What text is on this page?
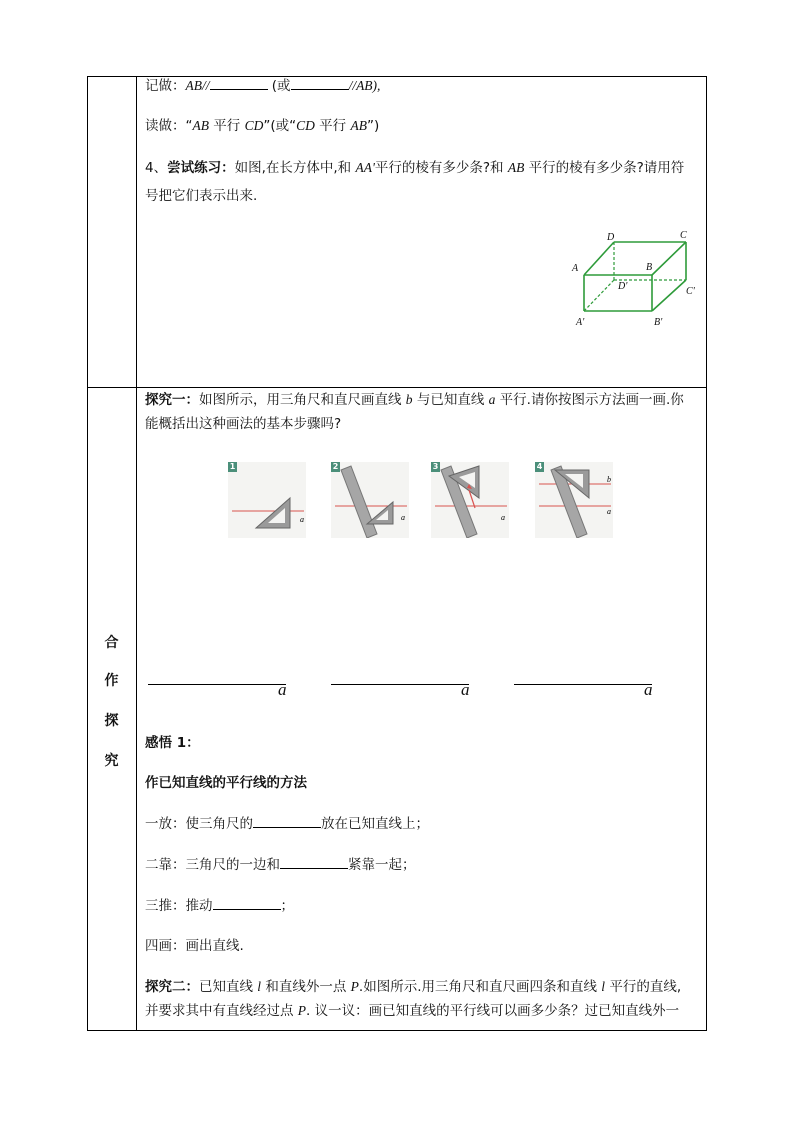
记做：AB//	(或	//AB),
读做：“AB 平行 CD”(或“CD 平行 AB”)
4、尝试练习：如图,在长方体中,和 AA'平行的棱有多少条?和 AB 平行的棱有多少条?请用符
号把它们表示出来.
D	C
A	B
D'	C'
A'	B'
合
作
探
究
探究一：如图所示，用三角尺和直尺画直线 b 与已知直线 a 平行.请你按图示方法画一画.你
能概括出这种画法的基本步骤吗?
a
1
a
2
a
3
b
a
4
a	a	a
感悟 1：
作已知直线的平行线的方法
一放：使三角尺的	放在已知直线上；
二靠：三角尺的一边和	紧靠一起；
三推：推动	；
四画：画出直线.
探究二：已知直线 l 和直线外一点 P.如图所示.用三角尺和直尺画四条和直线 l 平行的直线,
并要求其中有直线经过点 P. 议一议：画已知直线的平行线可以画多少条？过已知直线外一
